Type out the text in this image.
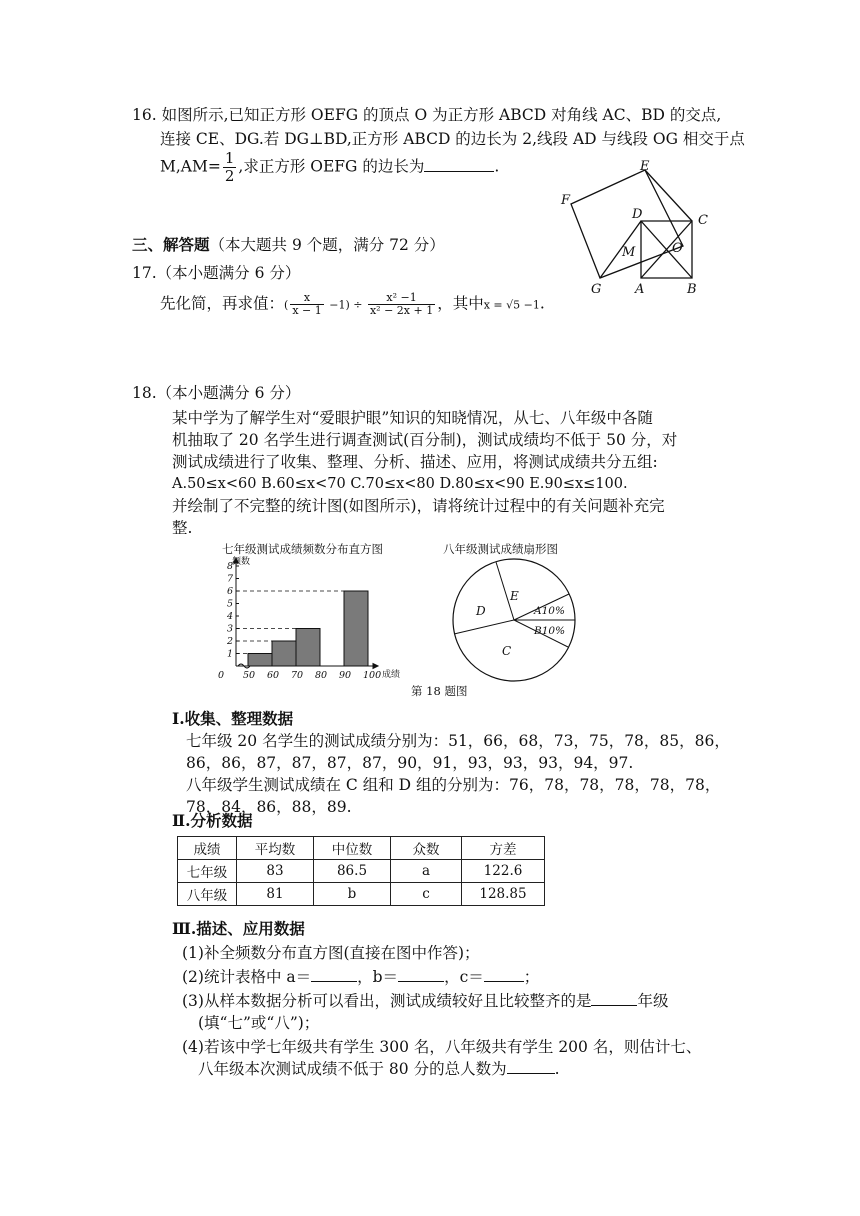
16. 如图所示,已知正方形 OEFG 的顶点 O 为正方形 ABCD 对角线 AC、BD 的交点,
连接 CE、DG.若 DG⊥BD,正方形 ABCD 的边长为 2,线段 AD 与线段 OG 相交于点
$M,AM= \frac{1}{2}$ ,求正方形 OEFG 的边长为	.	E
F
D	C
M	O
G	A	B
三、解答题（本大题共 9 个题，满分 72 分）
17.（本小题满分 6 分）
先化简，再求值：( $\frac{x}{x - 1} -1) \div \frac{\text{x² −1}}{\text{x² − 2x + 1}}$ ，其中x = √5 −1.
18.（本小题满分 6 分）
某中学为了解学生对“爱眼护眼”知识的知晓情况，从七、八年级中各随
机抽取了 20 名学生进行调查测试(百分制)，测试成绩均不低于 50 分，对
测试成绩进行了收集、整理、分析、描述、应用，将测试成绩共分五组:
A.50≤x<60 B.60≤x<70 C.70≤x<80 D.80≤x<90 E.90≤x≤100.
并绘制了不完整的统计图(如图所示)，请将统计过程中的有关问题补充完
整.
七年级测试成绩频数分布直方图
1
2
3
4
5
6
7
8
0 50 60 70 80 90 100
频数
成绩
八年级测试成绩扇形图
E
A10%
B10%
C
D
第 18 题图
Ⅰ.收集、整理数据
七年级 20 名学生的测试成绩分别为：51，66，68，73，75，78，85，86，
86，86，87，87，87，87，90，91，93，93，93，94，97.
八年级学生测试成绩在 C 组和 D 组的分别为：76，78，78，78，78，78，
78，84，86，88，89.
Ⅱ.分析数据
成绩	平均数	中位数	众数	方差
七年级	83	86.5	a	122.6
八年级	81	b	c	128.85
Ⅲ.描述、应用数据
(1)补全频数分布直方图(直接在图中作答)；
(2)统计表格中 a＝	，b＝	，c＝	；
(3)从样本数据分析可以看出，测试成绩较好且比较整齐的是	年级
(填“七”或“八”)；
(4)若该中学七年级共有学生 300 名，八年级共有学生 200 名，则估计七、
八年级本次测试成绩不低于 80 分的总人数为	.
